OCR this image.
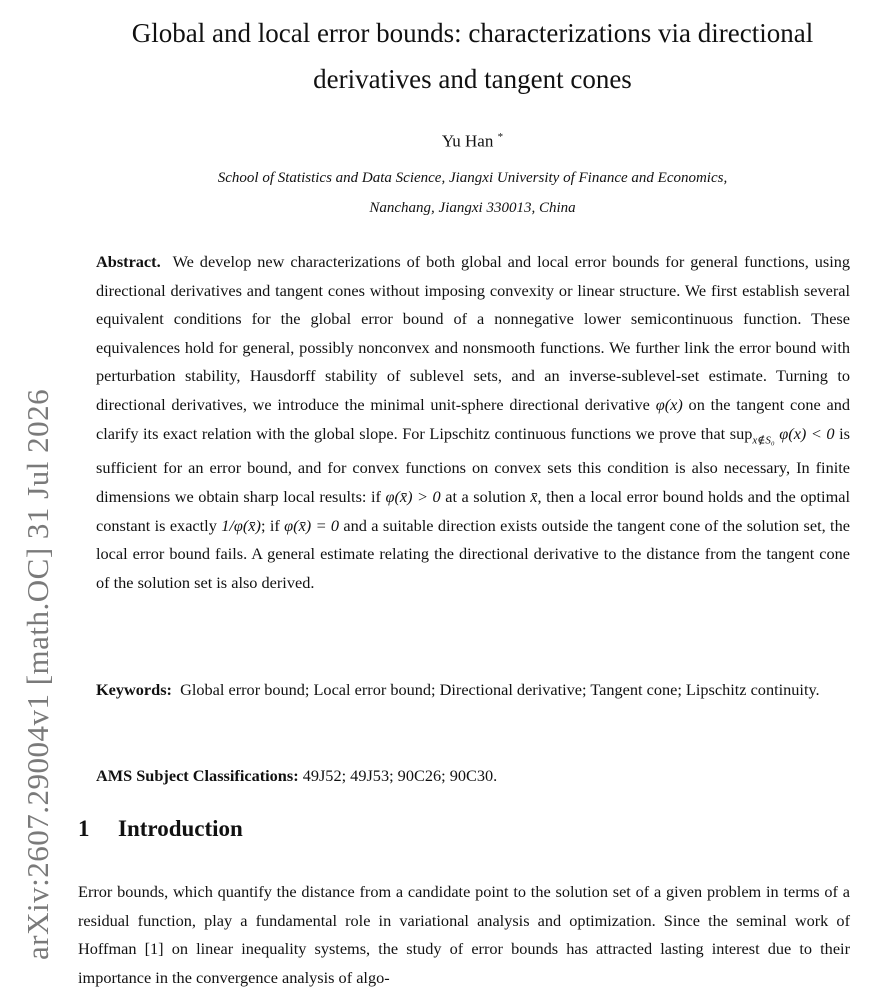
arXiv:2607.29004v1 [math.OC] 31 Jul 2026
Global and local error bounds: characterizations via directional derivatives and tangent cones
Yu Han *
School of Statistics and Data Science, Jiangxi University of Finance and Economics,
Nanchang, Jiangxi 330013, China

Abstract. We develop new characterizations of both global and local error bounds for general functions, using directional derivatives and tangent cones without imposing convexity or linear structure. We first establish several equivalent conditions for the global error bound of a nonnegative lower semicontinuous function. These equivalences hold for general, possibly nonconvex and nonsmooth functions. We further link the error bound with perturbation stability, Hausdorff stability of sublevel sets, and an inverse-sublevel-set estimate. Turning to directional derivatives, we introduce the minimal unit-sphere directional derivative φ(x) on the tangent cone and clarify its exact relation with the global slope. For Lipschitz continuous functions we prove that sup$_{x\notin S_0}$ φ(x) < 0 is sufficient for an error bound, and for convex functions on convex sets this condition is also necessary, In finite dimensions we obtain sharp local results: if φ(x̄) > 0 at a solution x̄, then a local error bound holds and the optimal constant is exactly 1/φ(x̄); if φ(x̄) = 0 and a suitable direction exists outside the tangent cone of the solution set, the local error bound fails. A general estimate relating the directional derivative to the distance from the tangent cone of the solution set is also derived.

Keywords: Global error bound; Local error bound; Directional derivative; Tangent cone; Lipschitz continuity.

AMS Subject Classifications: 49J52; 49J53; 90C26; 90C30.

1 Introduction

Error bounds, which quantify the distance from a candidate point to the solution set of a given problem in terms of a residual function, play a fundamental role in variational analysis and optimization. Since the seminal work of Hoffman [1] on linear inequality systems, the study of error bounds has attracted lasting interest due to their importance in the convergence analysis of algo-
